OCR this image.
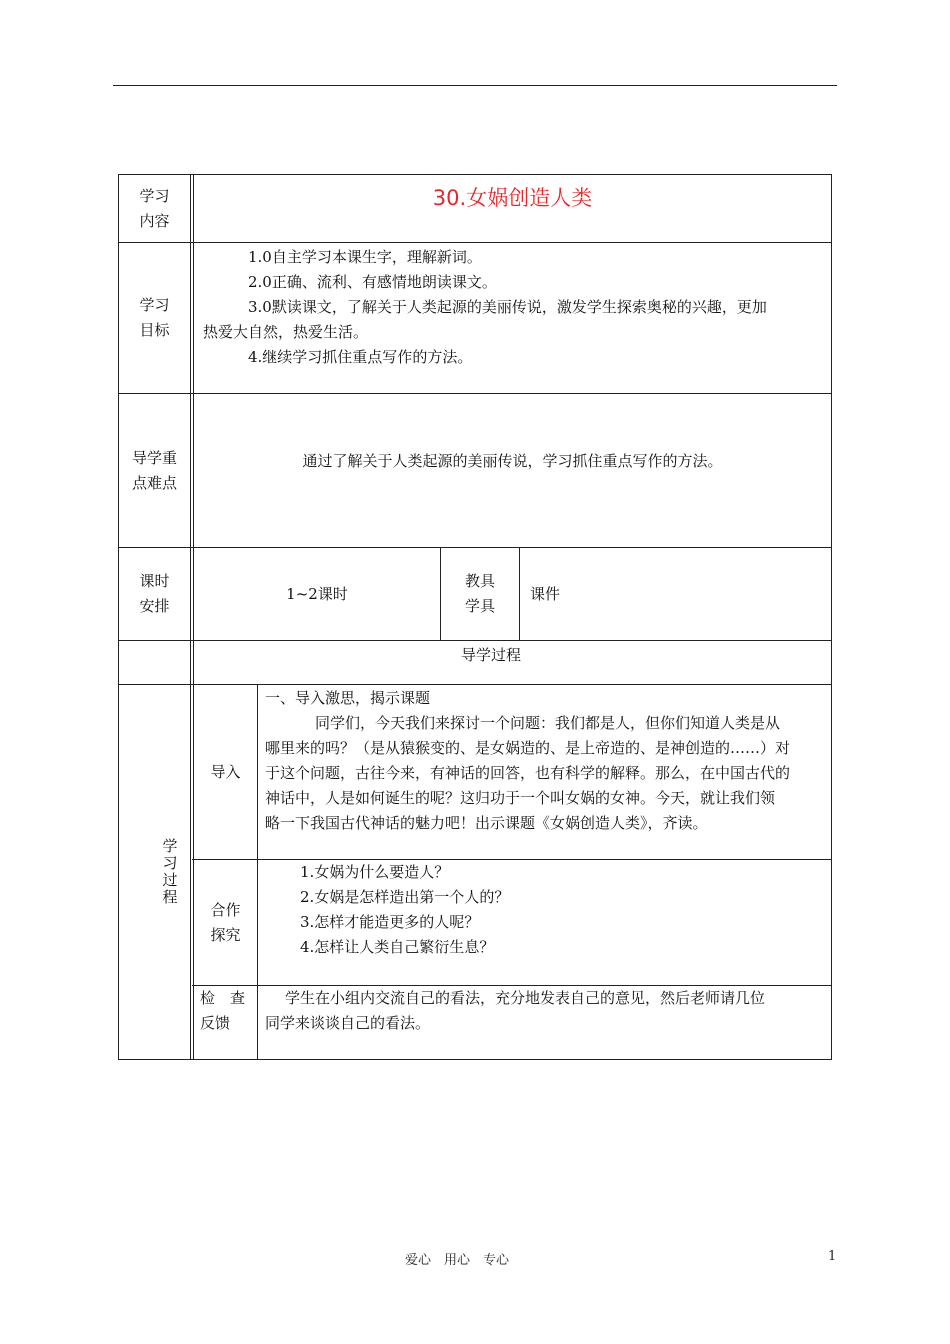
学习
内容
30.女娲创造人类
学习
目标
1.0自主学习本课生字，理解新词。
2.0正确、流利、有感情地朗读课文。
3.0默读课文，了解关于人类起源的美丽传说，激发学生探索奥秘的兴趣，更加
热爱大自然，热爱生活。
4.继续学习抓住重点写作的方法。
导学重
点难点
通过了解关于人类起源的美丽传说，学习抓住重点写作的方法。
课时
安排
1~2课时
教具
学具
课件
导学过程
学习过程
导入
一、导入激思，揭示课题
同学们，今天我们来探讨一个问题：我们都是人，但你们知道人类是从
哪里来的吗？（是从猿猴变的、是女娲造的、是上帝造的、是神创造的……）对
于这个问题，古往今来，有神话的回答，也有科学的解释。那么，在中国古代的
神话中，人是如何诞生的呢？这归功于一个叫女娲的女神。今天，就让我们领
略一下我国古代神话的魅力吧！出示课题《女娲创造人类》，齐读。
合作
探究
1.女娲为什么要造人？
2.女娲是怎样造出第一个人的？
3.怎样才能造更多的人呢？
4.怎样让人类自己繁衍生息？
检　查
反馈
学生在小组内交流自己的看法，充分地发表自己的意见，然后老师请几位
同学来谈谈自己的看法。
爱心　用心　专心	1
